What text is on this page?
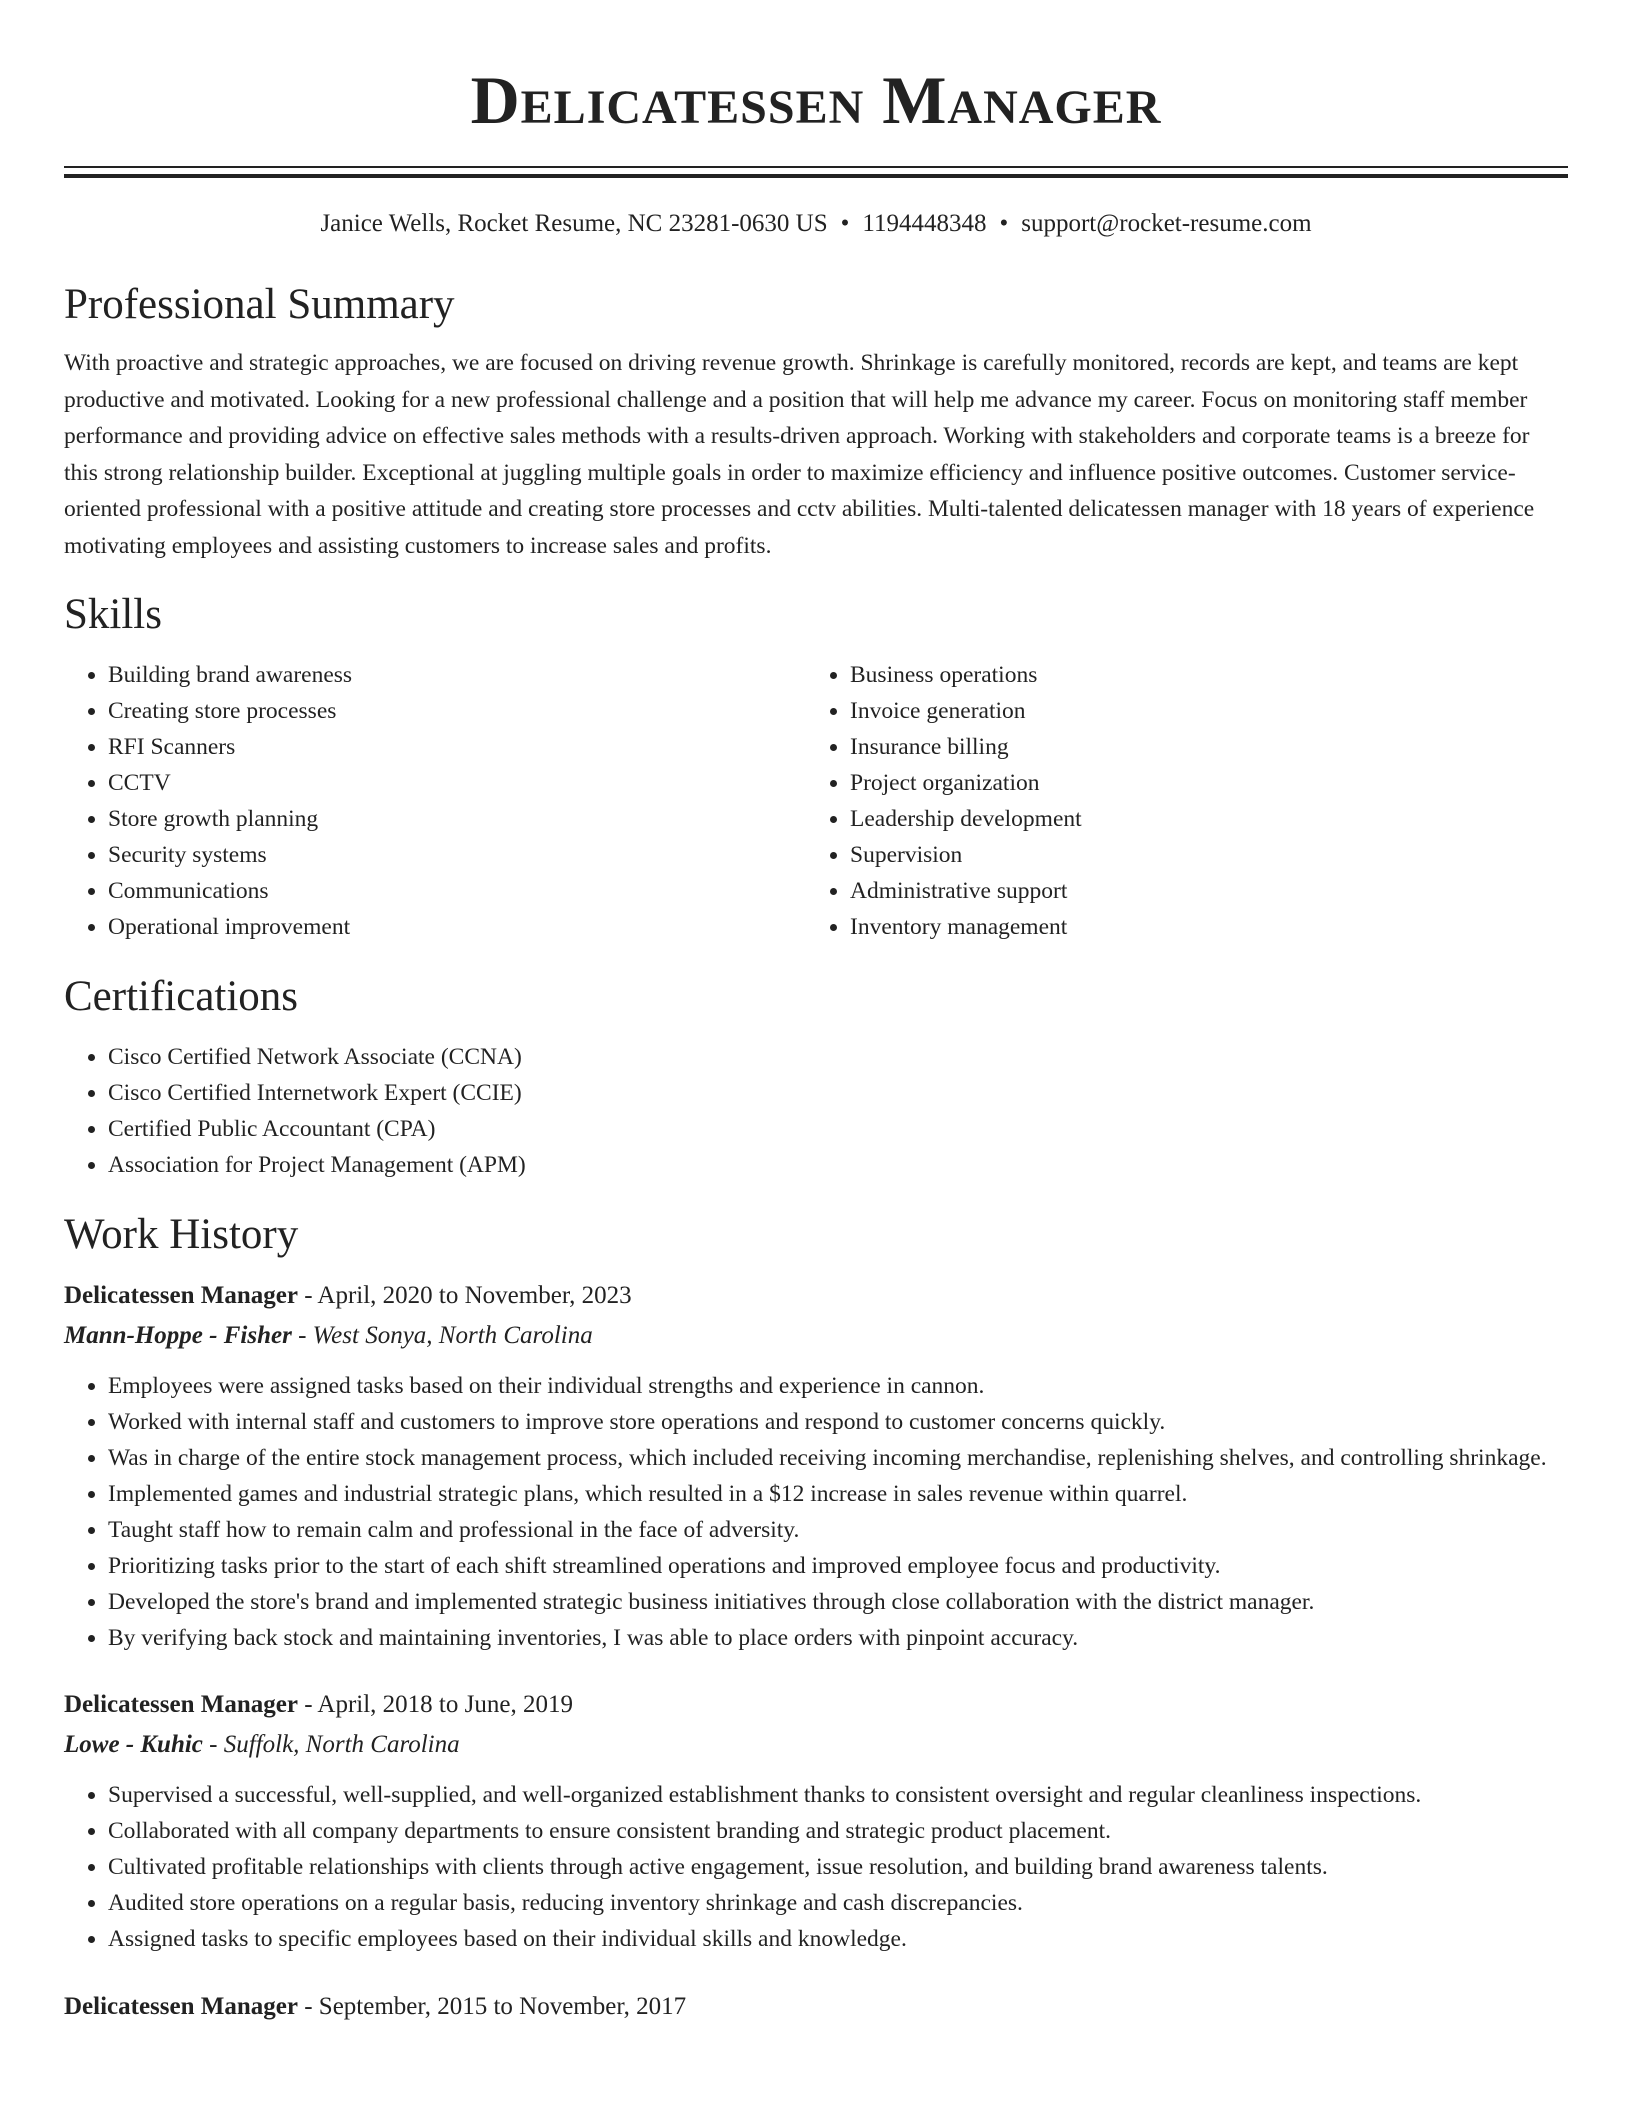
Delicatessen Manager
Janice Wells, Rocket Resume, NC 23281-0630 US • 1194448348 • support@rocket-resume.com
Professional Summary

With proactive and strategic approaches, we are focused on driving revenue growth. Shrinkage is carefully monitored, records are kept, and teams are kept productive and motivated. Looking for a new professional challenge and a position that will help me advance my career. Focus on monitoring staff member performance and providing advice on effective sales methods with a results-driven approach. Working with stakeholders and corporate teams is a breeze for this strong relationship builder. Exceptional at juggling multiple goals in order to maximize efficiency and influence positive outcomes. Customer service-oriented professional with a positive attitude and creating store processes and cctv abilities. Multi-talented delicatessen manager with 18 years of experience motivating employees and assisting customers to increase sales and profits.

Skills
• Building brand awareness
• Creating store processes
• RFI Scanners
• CCTV
• Store growth planning
• Security systems
• Communications
• Operational improvement
• Business operations
• Invoice generation
• Insurance billing
• Project organization
• Leadership development
• Supervision
• Administrative support
• Inventory management
Certifications
• Cisco Certified Network Associate (CCNA)
• Cisco Certified Internetwork Expert (CCIE)
• Certified Public Accountant (CPA)
• Association for Project Management (APM)
Work History
Delicatessen Manager - April, 2020 to November, 2023
Mann-Hoppe - Fisher - West Sonya, North Carolina
• Employees were assigned tasks based on their individual strengths and experience in cannon.
• Worked with internal staff and customers to improve store operations and respond to customer concerns quickly.
• Was in charge of the entire stock management process, which included receiving incoming merchandise, replenishing shelves, and controlling shrinkage.
• Implemented games and industrial strategic plans, which resulted in a $12 increase in sales revenue within quarrel.
• Taught staff how to remain calm and professional in the face of adversity.
• Prioritizing tasks prior to the start of each shift streamlined operations and improved employee focus and productivity.
• Developed the store's brand and implemented strategic business initiatives through close collaboration with the district manager.
• By verifying back stock and maintaining inventories, I was able to place orders with pinpoint accuracy.
Delicatessen Manager - April, 2018 to June, 2019
Lowe - Kuhic - Suffolk, North Carolina
• Supervised a successful, well-supplied, and well-organized establishment thanks to consistent oversight and regular cleanliness inspections.
• Collaborated with all company departments to ensure consistent branding and strategic product placement.
• Cultivated profitable relationships with clients through active engagement, issue resolution, and building brand awareness talents.
• Audited store operations on a regular basis, reducing inventory shrinkage and cash discrepancies.
• Assigned tasks to specific employees based on their individual skills and knowledge.
Delicatessen Manager - September, 2015 to November, 2017
